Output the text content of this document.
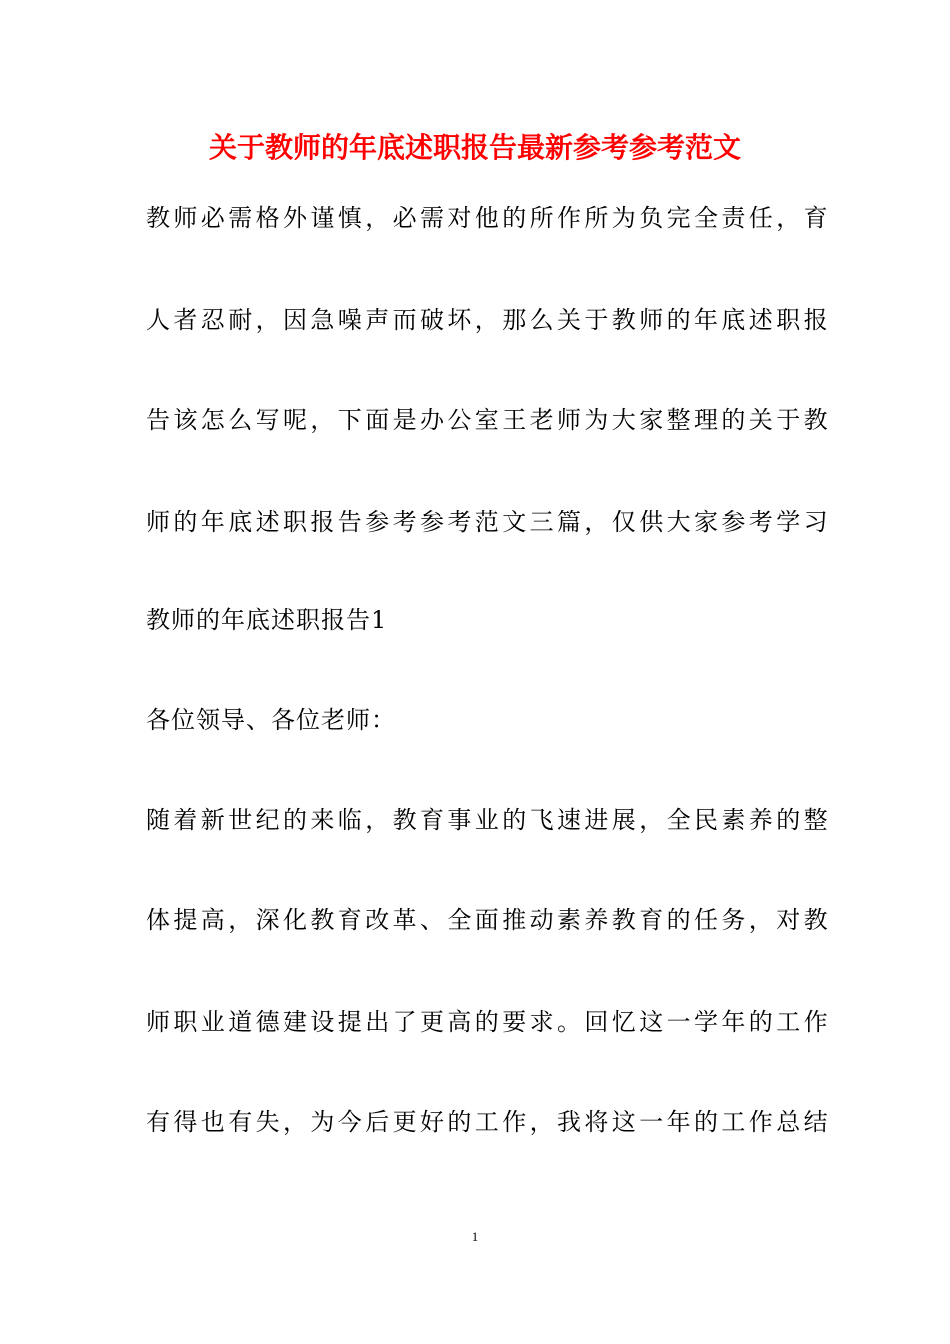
关于教师的年底述职报告最新参考参考范文
教师必需格外谨慎，必需对他的所作所为负完全责任，育
人者忍耐，因急噪声而破坏，那么关于教师的年底述职报
告该怎么写呢，下面是办公室王老师为大家整理的关于教
师的年底述职报告参考参考范文三篇，仅供大家参考学习
教师的年底述职报告1
各位领导、各位老师：
随着新世纪的来临，教育事业的飞速进展，全民素养的整
体提高，深化教育改革、全面推动素养教育的任务，对教
师职业道德建设提出了更高的要求。回忆这一学年的工作
有得也有失，为今后更好的工作，我将这一年的工作总结
1
